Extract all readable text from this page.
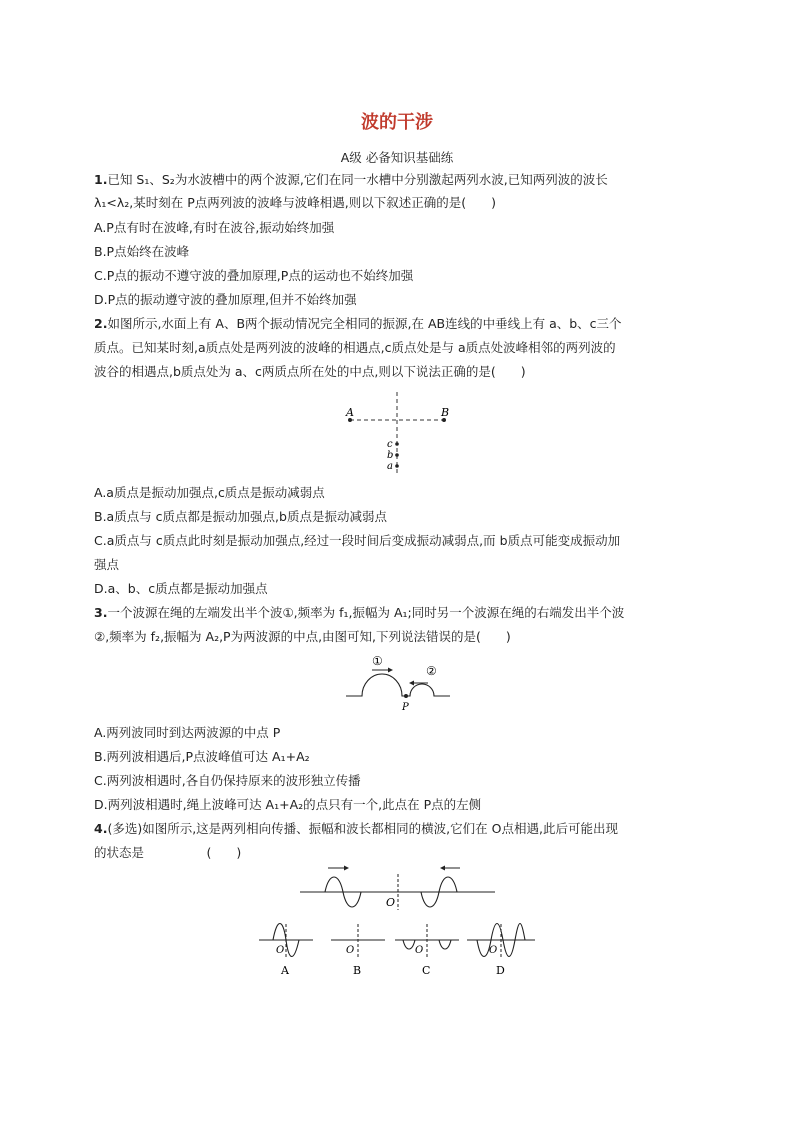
波的干涉
A级 必备知识基础练
1.已知 S₁、S₂为水波槽中的两个波源,它们在同一水槽中分别激起两列水波,已知两列波的波长
λ₁<λ₂,某时刻在 P点两列波的波峰与波峰相遇,则以下叙述正确的是(　　)
A.P点有时在波峰,有时在波谷,振动始终加强
B.P点始终在波峰
C.P点的振动不遵守波的叠加原理,P点的运动也不始终加强
D.P点的振动遵守波的叠加原理,但并不始终加强
2.如图所示,水面上有 A、B两个振动情况完全相同的振源,在 AB连线的中垂线上有 a、b、c三个
质点。已知某时刻,a质点处是两列波的波峰的相遇点,c质点处是与 a质点处波峰相邻的两列波的
波谷的相遇点,b质点处为 a、c两质点所在处的中点,则以下说法正确的是(　　)
A	B
c
b
a
A.a质点是振动加强点,c质点是振动减弱点
B.a质点与 c质点都是振动加强点,b质点是振动减弱点
C.a质点与 c质点此时刻是振动加强点,经过一段时间后变成振动减弱点,而 b质点可能变成振动加
强点
D.a、b、c质点都是振动加强点
3.一个波源在绳的左端发出半个波①,频率为 f₁,振幅为 A₁;同时另一个波源在绳的右端发出半个波
②,频率为 f₂,振幅为 A₂,P为两波源的中点,由图可知,下列说法错误的是(　　)
①
②
P
A.两列波同时到达两波源的中点 P
B.两列波相遇后,P点波峰值可达 A₁+A₂
C.两列波相遇时,各自仍保持原来的波形独立传播
D.两列波相遇时,绳上波峰可达 A₁+A₂的点只有一个,此点在 P点的左侧
4.(多选)如图所示,这是两列相向传播、振幅和波长都相同的横波,它们在 O点相遇,此后可能出现
的状态是　　　　　(　　)
O
O
A
O
B
O
C
O
D
